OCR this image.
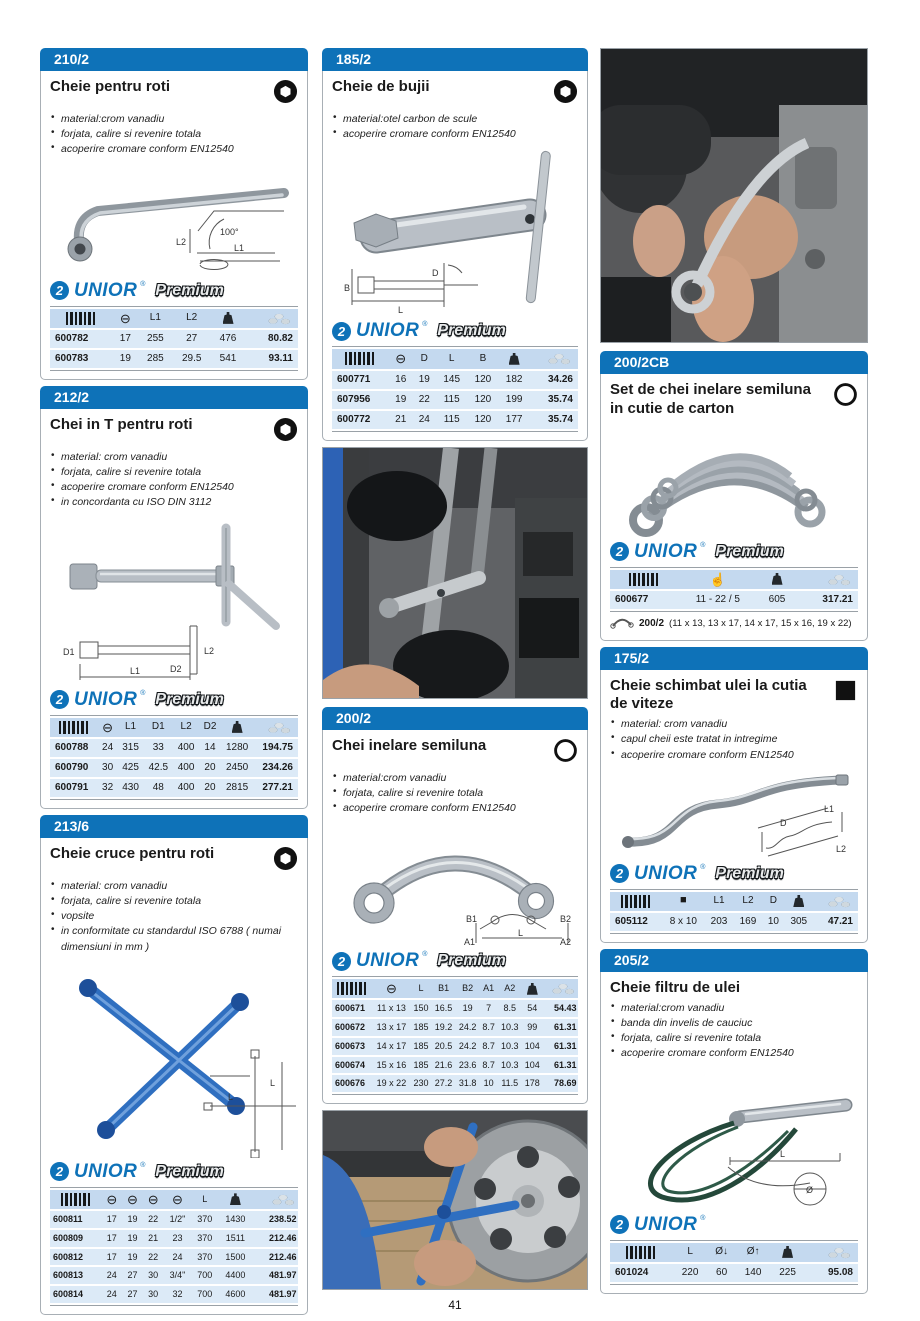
210/2
Cheie pentru roti
• material:crom vanadiu
• forjata, calire si revenire totala
• acoperire cromare conform EN12540
100°
L1
L2
2 UNIOR ® Premium
	⊖	L1	L2		
600782	17	255	27	476	80.82
600783	19	285	29.5	541	93.11
212/2
Chei in T pentru roti
• material: crom vanadiu
• forjata, calire si revenire totala
• acoperire cromare conform EN12540
• in concordanta cu ISO DIN 3112
D1
D2
L1
L2
2 UNIOR ® Premium
	⊖	L1	D1	L2	D2		
600788	24	315	33	400	14	1280	194.75
600790	30	425	42.5	400	20	2450	234.26
600791	32	430	48	400	20	2815	277.21
213/6
Cheie cruce pentru roti
• material: crom vanadiu
• forjata, calire si revenire totala
• vopsite
• in conformitate cu standardul ISO 6788 ( numai dimensiuni in mm )
L
L
2 UNIOR ® Premium
	⊖	⊖	⊖	⊖	L		
600811	17	19	22	1/2"	370	1430	238.52
600809	17	19	21	23	370	1511	212.46
600812	17	19	22	24	370	1500	212.46
600813	24	27	30	3/4"	700	4400	481.97
600814	24	27	30	32	700	4600	481.97
185/2
Cheie de bujii
• material:otel carbon de scule
• acoperire cromare conform EN12540
B
D
L
2 UNIOR ® Premium
	⊖	D	L	B		
600771	16	19	145	120	182	34.26
607956	19	22	115	120	199	35.74
600772	21	24	115	120	177	35.74
200/2
Chei inelare semiluna
• material:crom vanadiu
• forjata, calire si revenire totala
• acoperire cromare conform EN12540
B1	B2
A1	A2
L
2 UNIOR ® Premium
	⊖	L	B1	B2	A1	A2		
600671	11 x 13	150	16.5	19	7	8.5	54	54.43
600672	13 x 17	185	19.2	24.2	8.7	10.3	99	61.31
600673	14 x 17	185	20.5	24.2	8.7	10.3	104	61.31
600674	15 x 16	185	21.6	23.6	8.7	10.3	104	61.31
600676	19 x 22	230	27.2	31.8	10	11.5	178	78.69
41
200/2CB
Set de chei inelare semiluna in cutie de carton
2 UNIOR ® Premium
	☝		
600677	11 - 22 / 5	605	317.21
200/2 (11 x 13, 13 x 17, 14 x 17, 15 x 16, 19 x 22)
175/2
Cheie schimbat ulei la cutia de viteze
• material: crom vanadiu
• capul cheii este tratat in intregime
• acoperire cromare conform EN12540
D
L1
L2
2 UNIOR ® Premium
	■	L1	L2	D		
605112	8 x 10	203	169	10	305	47.21
205/2
Cheie filtru de ulei
• material:crom vanadiu
• banda din invelis de cauciuc
• forjata, calire si revenire totala
• acoperire cromare conform EN12540
L
Ø
2 UNIOR ®
	L	Ø↓	Ø↑		
601024	220	60	140	225	95.08
